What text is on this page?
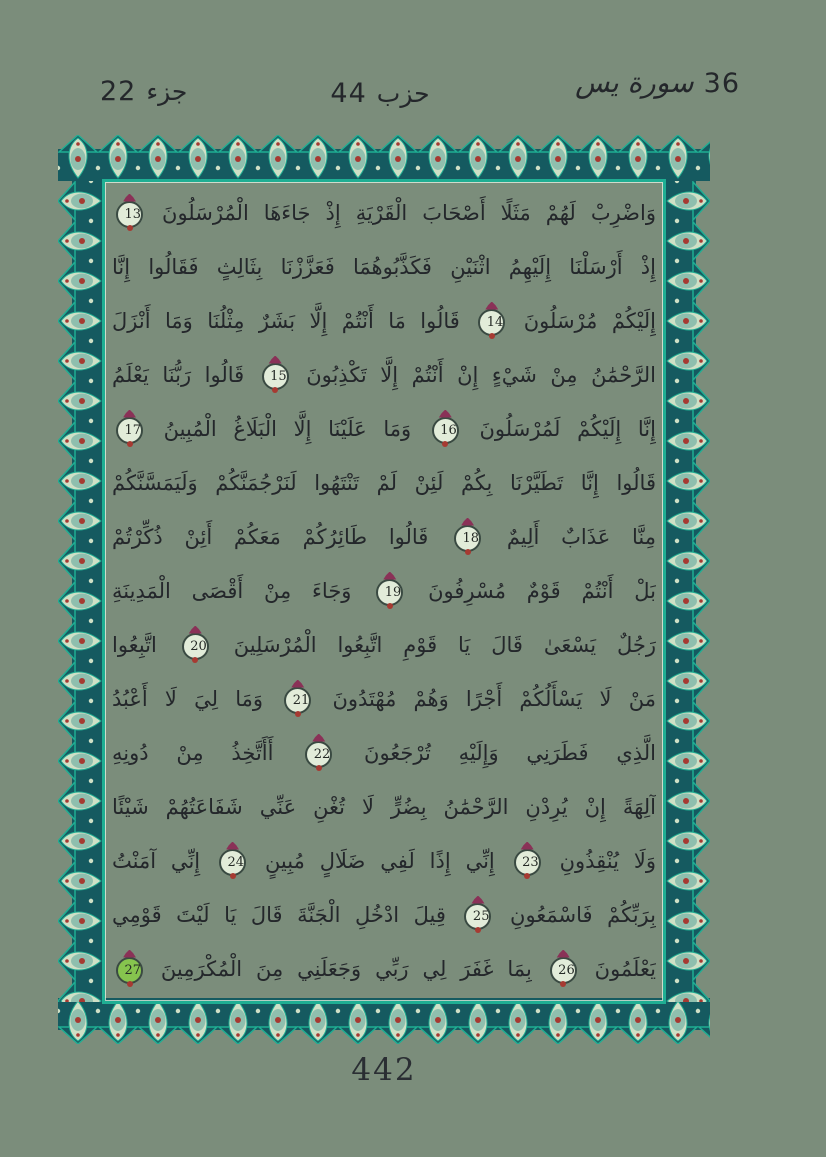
22 جزء	44 حزب	سورة يس 36
وَاضْرِبْ لَهُمْ مَثَلًا أَصْحَابَ الْقَرْيَةِ إِذْ جَاءَهَا الْمُرْسَلُونَ 13
إِذْ أَرْسَلْنَا إِلَيْهِمُ اثْنَيْنِ فَكَذَّبُوهُمَا فَعَزَّزْنَا بِثَالِثٍ فَقَالُوا إِنَّا
إِلَيْكُمْ مُرْسَلُونَ 14 قَالُوا مَا أَنْتُمْ إِلَّا بَشَرٌ مِثْلُنَا وَمَا أَنْزَلَ
الرَّحْمَٰنُ مِنْ شَيْءٍ إِنْ أَنْتُمْ إِلَّا تَكْذِبُونَ 15 قَالُوا رَبُّنَا يَعْلَمُ
إِنَّا إِلَيْكُمْ لَمُرْسَلُونَ 16 وَمَا عَلَيْنَا إِلَّا الْبَلَاغُ الْمُبِينُ 17
قَالُوا إِنَّا تَطَيَّرْنَا بِكُمْ لَئِنْ لَمْ تَنْتَهُوا لَنَرْجُمَنَّكُمْ وَلَيَمَسَّنَّكُمْ
مِنَّا عَذَابٌ أَلِيمٌ 18 قَالُوا طَائِرُكُمْ مَعَكُمْ أَئِنْ ذُكِّرْتُمْ
بَلْ أَنْتُمْ قَوْمٌ مُسْرِفُونَ 19 وَجَاءَ مِنْ أَقْصَى الْمَدِينَةِ
رَجُلٌ يَسْعَىٰ قَالَ يَا قَوْمِ اتَّبِعُوا الْمُرْسَلِينَ 20 اتَّبِعُوا
مَنْ لَا يَسْأَلُكُمْ أَجْرًا وَهُمْ مُهْتَدُونَ 21 وَمَا لِيَ لَا أَعْبُدُ
الَّذِي فَطَرَنِي وَإِلَيْهِ تُرْجَعُونَ 22 أَأَتَّخِذُ مِنْ دُونِهِ
آلِهَةً إِنْ يُرِدْنِ الرَّحْمَٰنُ بِضُرٍّ لَا تُغْنِ عَنِّي شَفَاعَتُهُمْ شَيْئًا
وَلَا يُنْقِذُونِ 23 إِنِّي إِذًا لَفِي ضَلَالٍ مُبِينٍ 24 إِنِّي آمَنْتُ
بِرَبِّكُمْ فَاسْمَعُونِ 25 قِيلَ ادْخُلِ الْجَنَّةَ قَالَ يَا لَيْتَ قَوْمِي
يَعْلَمُونَ 26 بِمَا غَفَرَ لِي رَبِّي وَجَعَلَنِي مِنَ الْمُكْرَمِينَ 27
442
